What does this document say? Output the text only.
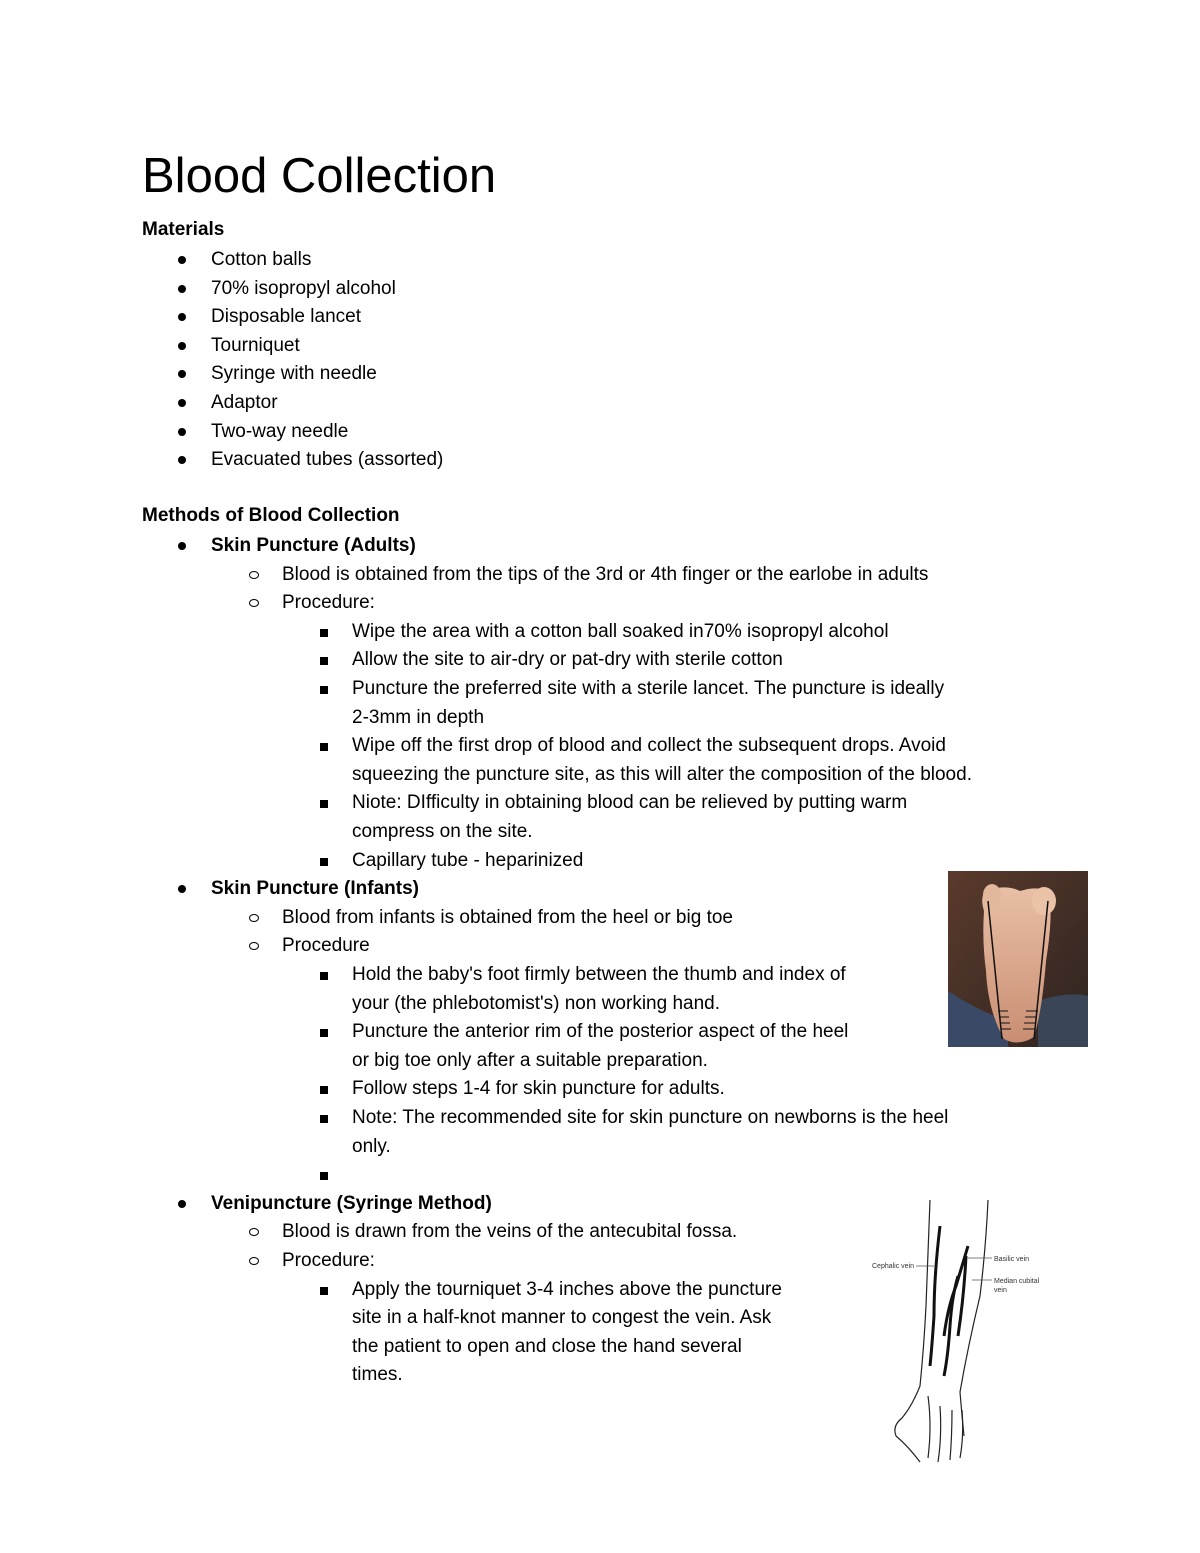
Blood Collection
Materials
Cotton balls
70% isopropyl alcohol
Disposable lancet
Tourniquet
Syringe with needle
Adaptor
Two-way needle
Evacuated tubes (assorted)
Methods of Blood Collection
Skin Puncture (Adults)
Blood is obtained from the tips of the 3rd or 4th finger or the earlobe in adults
Procedure:
Wipe the area with a cotton ball soaked in70% isopropyl alcohol
Allow the site to air-dry or pat-dry with sterile cotton
Puncture the preferred site with a sterile lancet. The puncture is ideally
2-3mm in depth
Wipe off the first drop of blood and collect the subsequent drops. Avoid
squeezing the puncture site, as this will alter the composition of the blood.
Niote: DIfficulty in obtaining blood can be relieved by putting warm
compress on the site.
Capillary tube - heparinized
Skin Puncture (Infants)
Blood from infants is obtained from the heel or big toe
Procedure
Hold the baby's foot firmly between the thumb and index of
your (the phlebotomist's) non working hand.
Puncture the anterior rim of the posterior aspect of the heel
or big toe only after a suitable preparation.
Follow steps 1-4 for skin puncture for adults.
Note: The recommended site for skin puncture on newborns is the heel
only.
Venipuncture (Syringe Method)
Blood is drawn from the veins of the antecubital fossa.
Procedure:
Apply the tourniquet 3-4 inches above the puncture
site in a half-knot manner to congest the vein. Ask
the patient to open and close the hand several
times.
Cephalic vein
Basilic vein
Median cubital
vein
